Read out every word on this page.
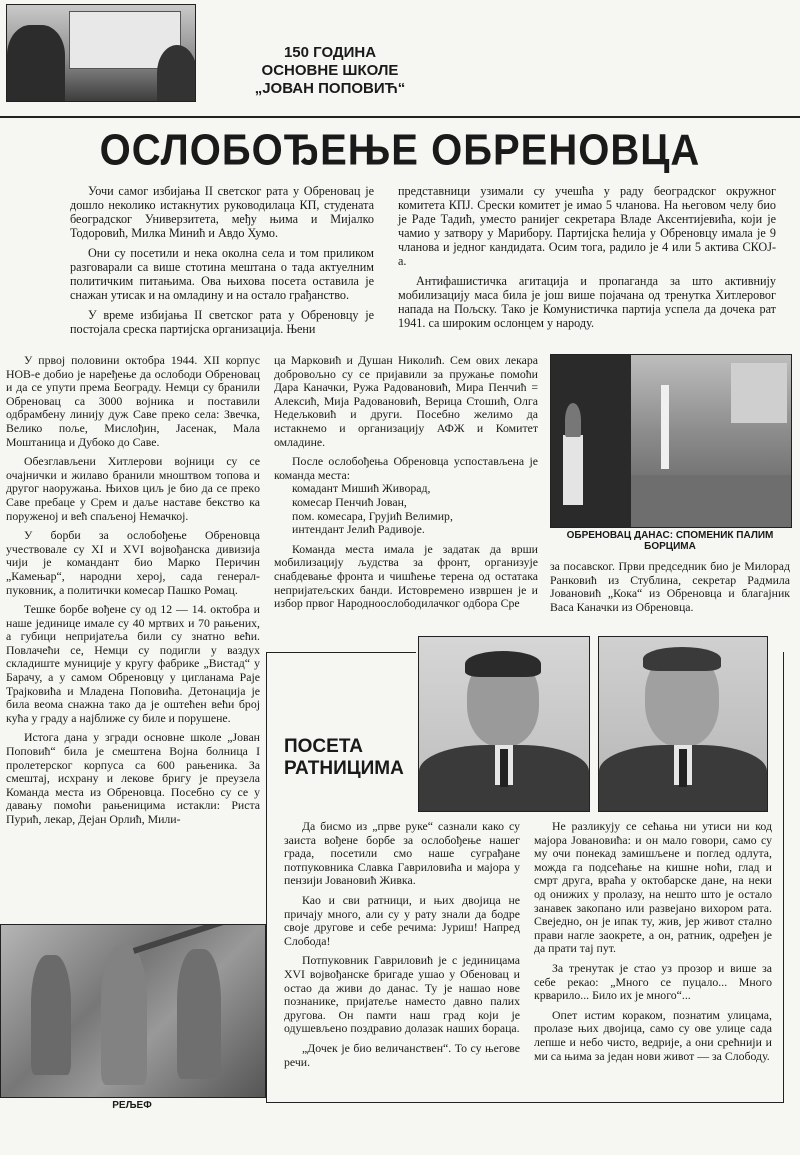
150 ГОДИНА
ОСНОВНЕ ШКОЛЕ
„ЈОВАН ПОПОВИЋ“
ОСЛОБОЂЕЊЕ ОБРЕНОВЦА

Уочи самог избијања II светског рата у Обреновац је дошло неколико истакнутих руководилаца КП, студената београдског Универзитета, међу њима и Мијалко Тодоровић, Милка Минић и Авдо Хумо.

Они су посетили и нека околна села и том приликом разговарали са више стотина мештана о тада актуелним политичким питањима. Ова њихова посета оставила је снажан утисак и на омладину и на остало грађанство.

У време избијања II светског рата у Обреновцу је постојала среска партијска организација. Њени

представници узимали су учешћа у раду београдског окружног комитета КПЈ. Срески комитет је имао 5 чланова. На његовом челу био је Раде Тадић, уместо ранијег секретара Владе Аксентијевића, који је чамио у затвору у Марибору. Партијска ћелија у Обреновцу имала је 9 чланова и једног кандидата. Осим тога, радило је 4 или 5 актива СКОЈ-а.

Антифашистичка агитација и пропаганда за што активнију мобилизацију маса била је још више појачана од тренутка Хитлеровог напада на Пољску. Тако је Комунистичка партија успела да дочека рат 1941. са широким ослонцем у народу.

У првој половини октобра 1944. XII корпус НОВ-е добио је наређење да ослободи Обреновац и да се упути према Београду. Немци су бранили Обреновац са 3000 војника и поставили одбрамбену линију дуж Саве преко села: Звечка, Велико поље, Мислођин, Јасенак, Мала Моштаница и Дубоко до Саве.

Обезглављени Хитлерови војници су се очајнички и жилаво бранили мноштвом топова и другог наоружања. Њихов циљ је био да се прекo Саве пребаце у Срем и даље наставе бекство ка поруженој и већ спаљеној Немачкој.

У борби за ослобођење Обреновца учествовале су XI и XVI војвођанска дивизија чији је командант био Марко Перичин „Камењар“, народни херој, сада генерал-пуковник, а политички комесар Пашко Ромац.

Тешке борбе вођене су од 12 — 14. октобра и наше јединице имале су 40 мртвих и 70 рањених, а губици непријатеља били су знатно већи. Повлачећи се, Немци су подигли у ваздух складиште муниције у кругу фабрике „Вистад“ у Барачу, а у самом Обреновцу у цигланама Раје Трајковића и Младена Поповића. Детонација је била веома снажна тако да је оштећен већи број кућа у граду а најближе су биле и порушене.

Истога дана у згради основне школе „Јован Поповић“ била је смештена Војна болница I пролетерског корпуса са 600 рањеника. За смештај, исхрану и лекове бригу је преузела Команда места из Обреновца. Посебно су се у давању помоћи рањеницима истакли: Риста Пурић, лекар, Дејан Орлић, Мили-

ца Марковић и Душан Николић. Сем ових лекара добровољно су се пријавили за пружање помоћи Дара Каначки, Ружа Радовановић, Мира Пенчић = Алексић, Мија Радовановић, Верица Стошић, Олга Недељковић и други. Посебно желимо да истакнемо и организацију АФЖ и Комитет омладине.

После ослобођења Обреновца успостављена је команда места:

комадант Мишић Живорад,
комесар Пенчић Јован,
пом. комесара, Грујић Велимир,
интендант Јелић Радивоје.

Команда места имала је задатак да врши мобилизацију људства за фронт, организује снабдевање фронта и чишћење терена од остатака непријатељских банди. Истовремено извршен је и избор првог Народноослободилачког одбора Сре

ОБРЕНОВАЦ ДАНАС: СПОМЕНИК ПАЛИМ БОРЦИМА

за посавског. Први председник био је Милорад Ранковић из Стублина, секретар Радмила Јовановић „Кока“ из Обреновца и благајник Васа Каначки из Обреновца.

РЕЉЕФ
ПОСЕТА
РАТНИЦИМА

Да бисмо из „прве руке“ сазнали како су заиста вођене борбе за ослобођење нашег града, посетили смо наше суграђане потпуковника Славка Гавриловића и мајора у пензији Јовановић Живка.

Као и сви ратници, и њих двојица не причају много, али су у рату знали да бодре своје другове и себе речима: Јуриш! Напред Слобода!

Потпуковник Гавриловић је с јединицама XVI војвођанске бригаде ушао у Обеновац и остао да живи до данас. Ту је нашао нове познанике, пријатеље наместо давно палих другова. Он памти наш град који је одушевљено поздравио долазак наших бораца.

„Дочек је био величанствен“. То су његове речи.

Не разликују се сећања ни утиси ни код мајора Јовановића: и он мало говори, само су му очи понекад замишљене и поглед одлута, можда га подсећање на кишне ноћи, глад и смрт друга, враћа у октобарске дане, на неки од онижих у пролазу, на нешто што је остало занавек закопано или развејано вихором рата. Свеједно, он је ипак тy, жив, јер живот стално прави нагле заокрете, а он, ратник, одређен је да прати тај пут.

За тренутак је стао уз прозор и више за себе рекао: „Много се пуцало... Много крварило... Било их је много“...

Опет истим кораком, познатим улицама, пролазе њих двојица, само су ове улице сада лепше и небо чисто, ведрије, а они срећнији и ми са њима за један нови живот — за Слободу.
